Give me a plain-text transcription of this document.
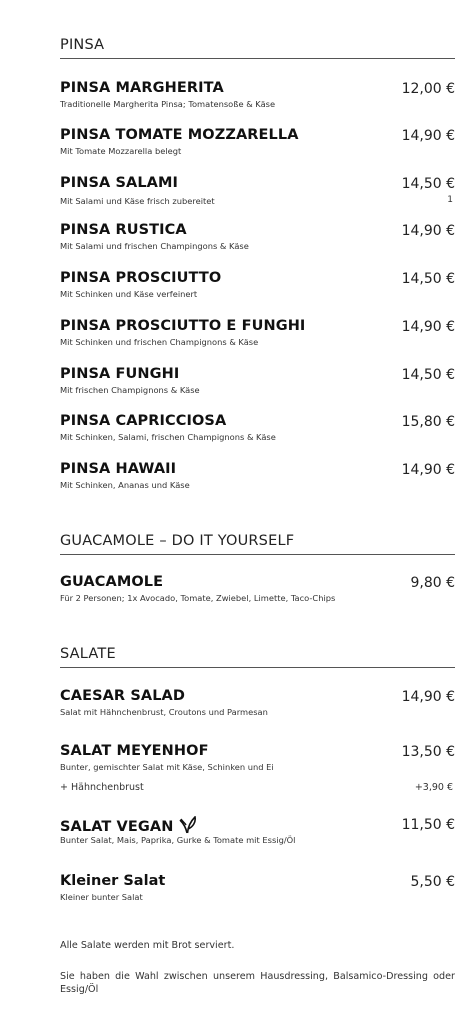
PINSA
PINSA MARGHERITA	12,00 €
Traditionelle Margherita Pinsa; Tomatensoße & Käse
PINSA TOMATE MOZZARELLA	14,90 €
Mit Tomate Mozzarella belegt
PINSA SALAMI	14,50 €
Mit Salami und Käse frisch zubereitet	1
PINSA RUSTICA	14,90 €
Mit Salami und frischen Champingons & Käse
PINSA PROSCIUTTO	14,50 €
Mit Schinken und Käse verfeinert
PINSA PROSCIUTTO E FUNGHI	14,90 €
Mit Schinken und frischen Champignons & Käse
PINSA FUNGHI	14,50 €
Mit frischen Champignons & Käse
PINSA CAPRICCIOSA	15,80 €
Mit Schinken, Salami, frischen Champignons & Käse
PINSA HAWAII	14,90 €
Mit Schinken, Ananas und Käse
GUACAMOLE – DO IT YOURSELF
GUACAMOLE	9,80 €
Für 2 Personen; 1x Avocado, Tomate, Zwiebel, Limette, Taco-Chips
SALATE
CAESAR SALAD	14,90 €
Salat mit Hähnchenbrust, Croutons und Parmesan
SALAT MEYENHOF	13,50 €
Bunter, gemischter Salat mit Käse, Schinken und Ei
+ Hähnchenbrust	+3,90 €
SALAT VEGAN	11,50 €
Bunter Salat, Mais, Paprika, Gurke & Tomate mit Essig/Öl
Kleiner Salat	5,50 €
Kleiner bunter Salat
Alle Salate werden mit Brot serviert.
Sie haben die Wahl zwischen unserem Hausdressing, Balsamico-Dressing oder Essig/Öl
